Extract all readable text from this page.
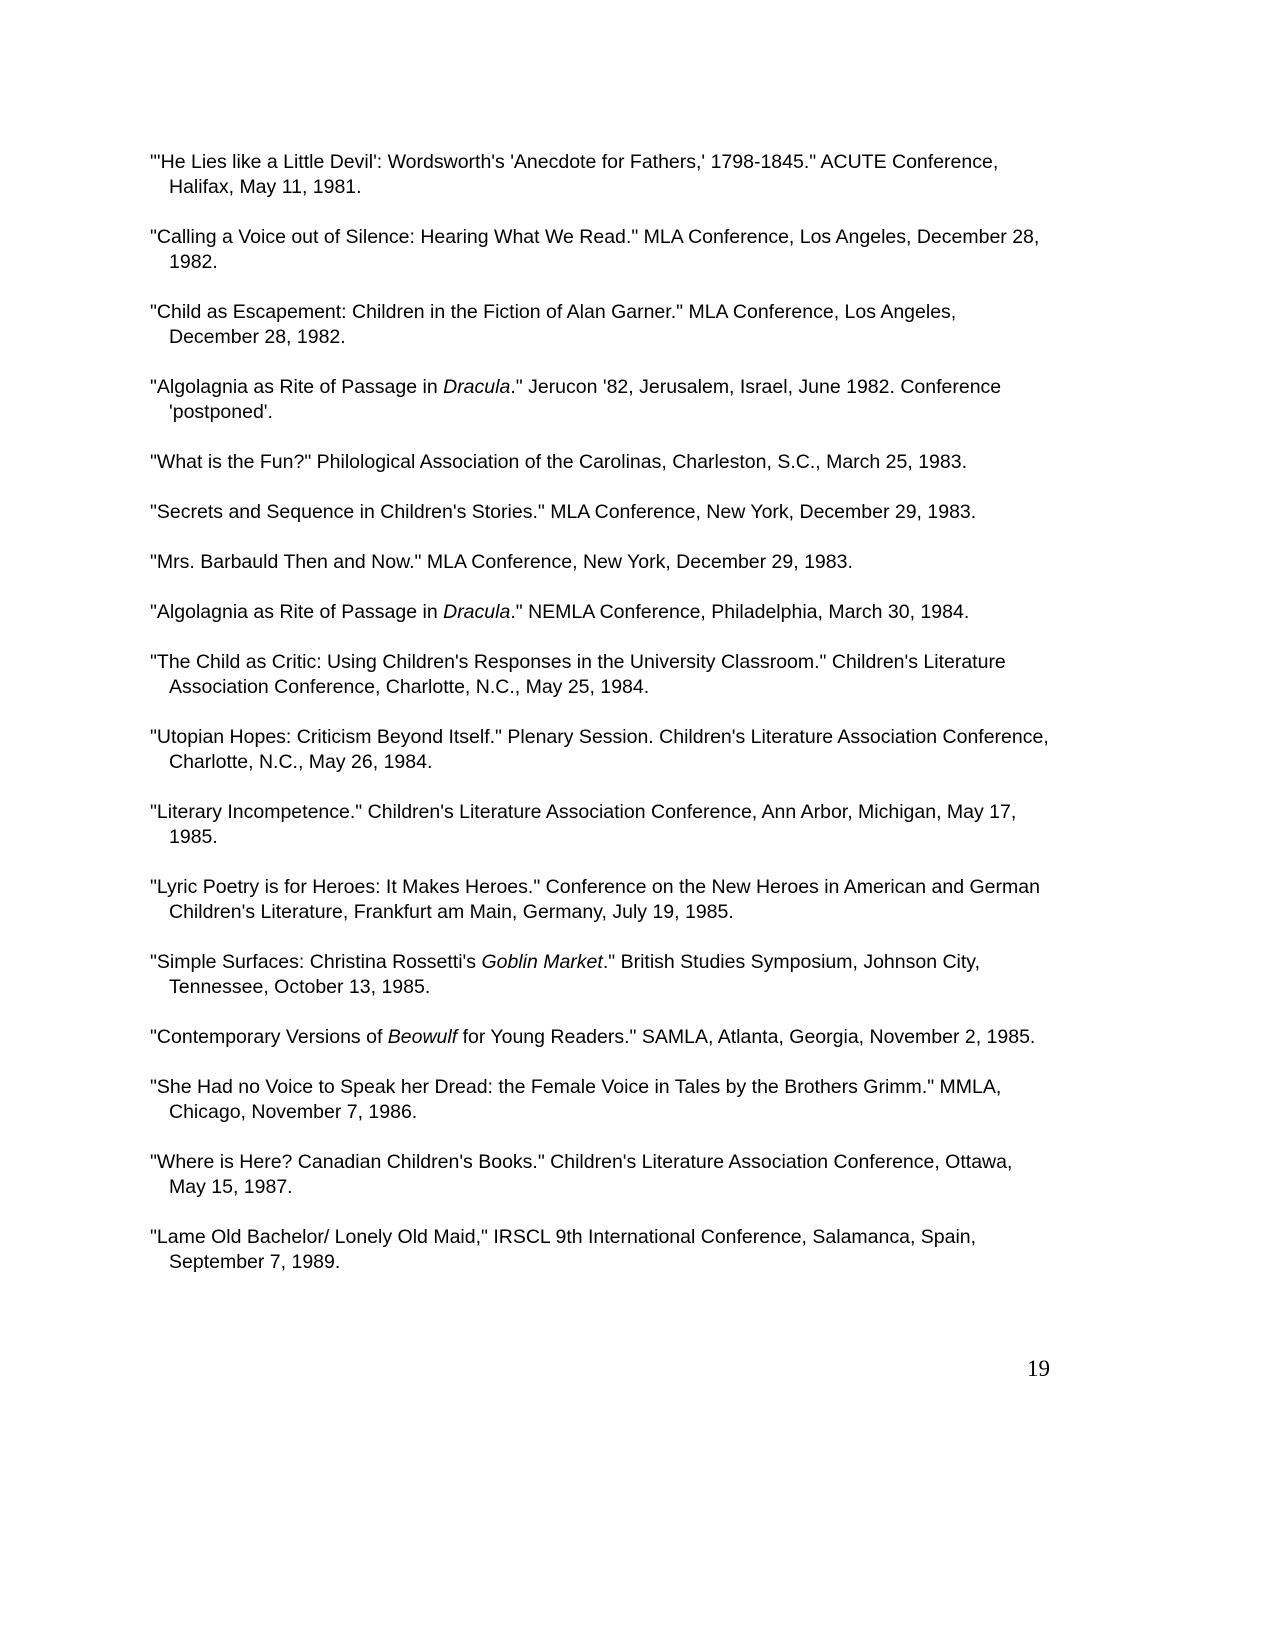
"'He Lies like a Little Devil': Wordsworth's 'Anecdote for Fathers,' 1798-1845." ACUTE Conference, Halifax, May 11, 1981.
"Calling a Voice out of Silence: Hearing What We Read." MLA Conference, Los Angeles, December 28, 1982.
"Child as Escapement: Children in the Fiction of Alan Garner." MLA Conference, Los Angeles, December 28, 1982.
"Algolagnia as Rite of Passage in Dracula." Jerucon '82, Jerusalem, Israel, June 1982. Conference 'postponed'.
"What is the Fun?" Philological Association of the Carolinas, Charleston, S.C., March 25, 1983.
"Secrets and Sequence in Children's Stories." MLA Conference, New York, December 29, 1983.
"Mrs. Barbauld Then and Now." MLA Conference, New York, December 29, 1983.
"Algolagnia as Rite of Passage in Dracula." NEMLA Conference, Philadelphia, March 30, 1984.
"The Child as Critic: Using Children's Responses in the University Classroom." Children's Literature Association Conference, Charlotte, N.C., May 25, 1984.
"Utopian Hopes: Criticism Beyond Itself." Plenary Session. Children's Literature Association Conference, Charlotte, N.C., May 26, 1984.
"Literary Incompetence." Children's Literature Association Conference, Ann Arbor, Michigan, May 17, 1985.
"Lyric Poetry is for Heroes: It Makes Heroes." Conference on the New Heroes in American and German Children's Literature, Frankfurt am Main, Germany, July 19, 1985.
"Simple Surfaces: Christina Rossetti's Goblin Market." British Studies Symposium, Johnson City, Tennessee, October 13, 1985.
"Contemporary Versions of Beowulf for Young Readers." SAMLA, Atlanta, Georgia, November 2, 1985.
"She Had no Voice to Speak her Dread: the Female Voice in Tales by the Brothers Grimm." MMLA, Chicago, November 7, 1986.
"Where is Here? Canadian Children's Books." Children's Literature Association Conference, Ottawa, May 15, 1987.
"Lame Old Bachelor/ Lonely Old Maid," IRSCL 9th International Conference, Salamanca, Spain, September 7, 1989.
19
